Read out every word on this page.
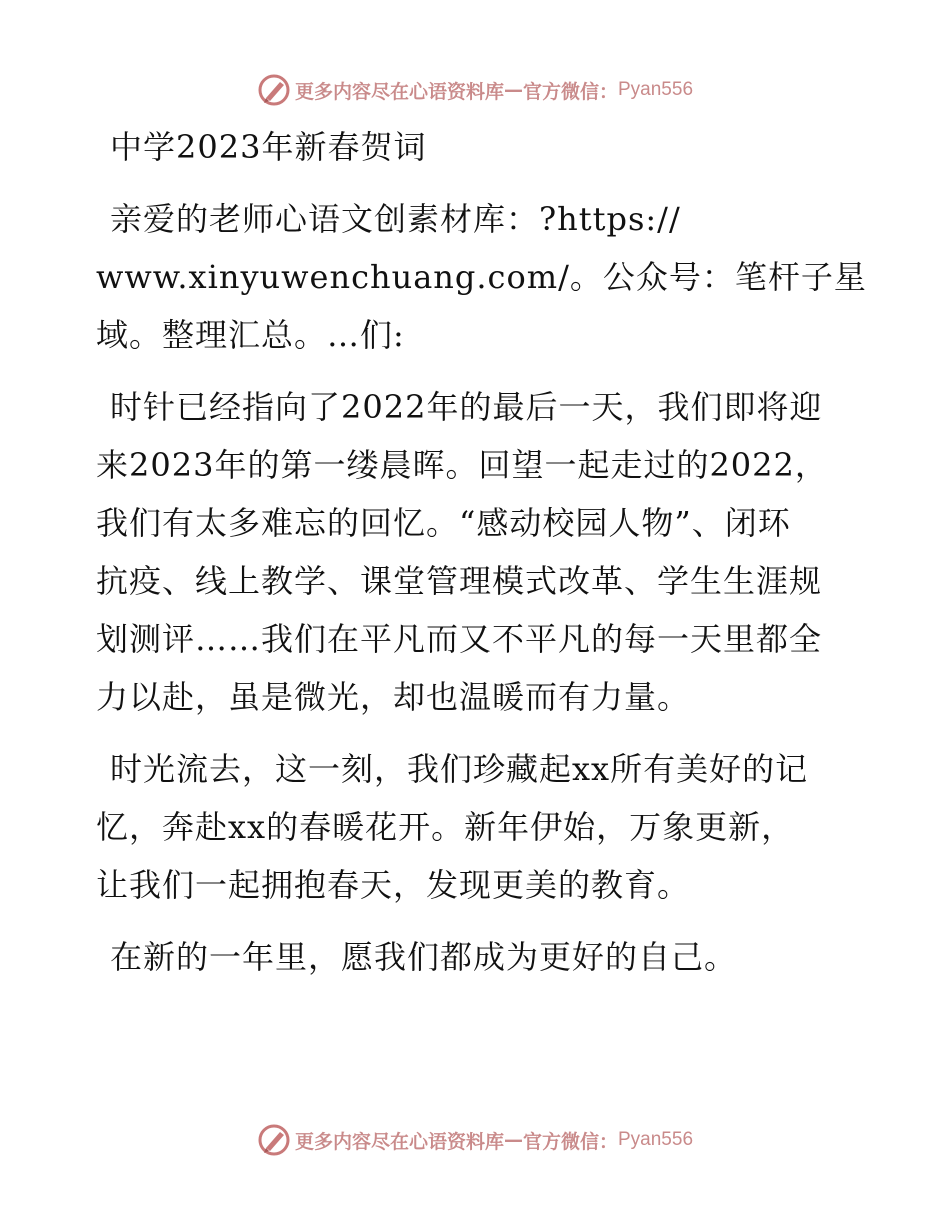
更多内容尽在心语资料库 — 官方微信： Pyan556
中学2023年新春贺词

亲爱的老师心语文创素材库：?https://
www.xinyuwenchuang.com/。公众号：笔杆子星
域。整理汇总。…们:

时针已经指向了2022年的最后一天，我们即将迎
来2023年的第一缕晨晖。回望一起走过的2022，
我们有太多难忘的回忆。“感动校园人物”、闭环
抗疫、线上教学、课堂管理模式改革、学生生涯规
划测评……我们在平凡而又不平凡的每一天里都全
力以赴，虽是微光，却也温暖而有力量。

时光流去，这一刻，我们珍藏起xx所有美好的记
忆，奔赴xx的春暖花开。新年伊始，万象更新，
让我们一起拥抱春天，发现更美的教育。

在新的一年里，愿我们都成为更好的自己。

更多内容尽在心语资料库 — 官方微信： Pyan556
